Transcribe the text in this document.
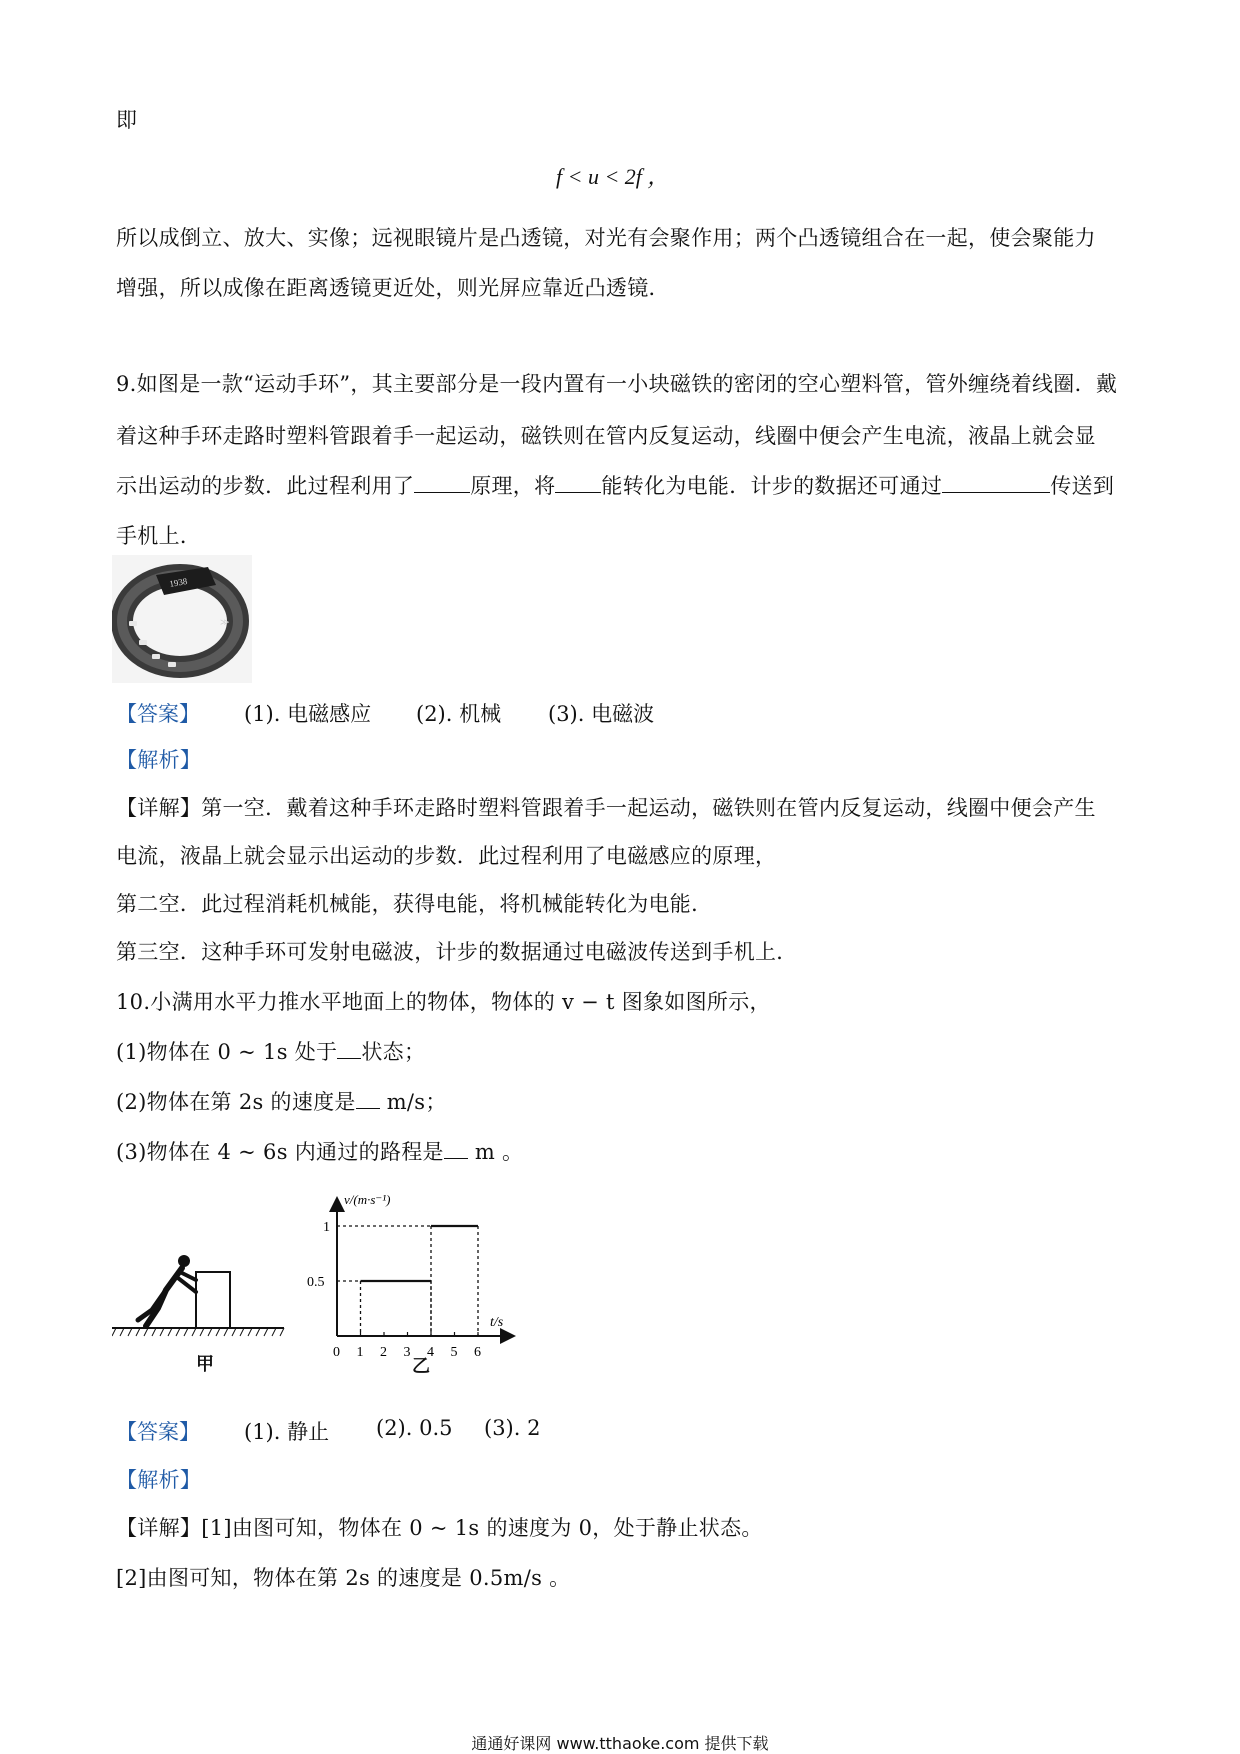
即
f < u < 2f ，
所以成倒立、放大、实像；远视眼镜片是凸透镜，对光有会聚作用；两个凸透镜组合在一起，使会聚能力
增强，所以成像在距离透镜更近处，则光屏应靠近凸透镜．
9.如图是一款“运动手环”，其主要部分是一段内置有一小块磁铁的密闭的空心塑料管，管外缠绕着线圈．戴
着这种手环走路时塑料管跟着手一起运动，磁铁则在管内反复运动，线圈中便会产生电流，液晶上就会显
示出运动的步数．此过程利用了	原理，将 能转化为电能．计步的数据还可通过	传送到
手机上．
1938
≫
【答案】 (1). 电磁感应 (2). 机械 (3). 电磁波
【解析】
【详解】第一空．戴着这种手环走路时塑料管跟着手一起运动，磁铁则在管内反复运动，线圈中便会产生
电流，液晶上就会显示出运动的步数．此过程利用了电磁感应的原理，
第二空．此过程消耗机械能，获得电能，将机械能转化为电能．
第三空．这种手环可发射电磁波，计步的数据通过电磁波传送到手机上．
10.小满用水平力推水平地面上的物体，物体的 v − t 图象如图所示，
(1)物体在 0 ~ 1s 处于 状态；
(2)物体在第 2s 的速度是 m/s；
(3)物体在 4 ~ 6s 内通过的路程是 m 。
甲
v/(m·s⁻¹)
t/s
0 1 2 3 4 5 6
0.5
1
乙
【答案】 (1). 静止 (2). 0.5 (3). 2
【解析】
【详解】[1]由图可知，物体在 0 ~ 1s 的速度为 0，处于静止状态。
[2]由图可知，物体在第 2s 的速度是 0.5m/s 。
通通好课网 www.tthaoke.com 提供下载
